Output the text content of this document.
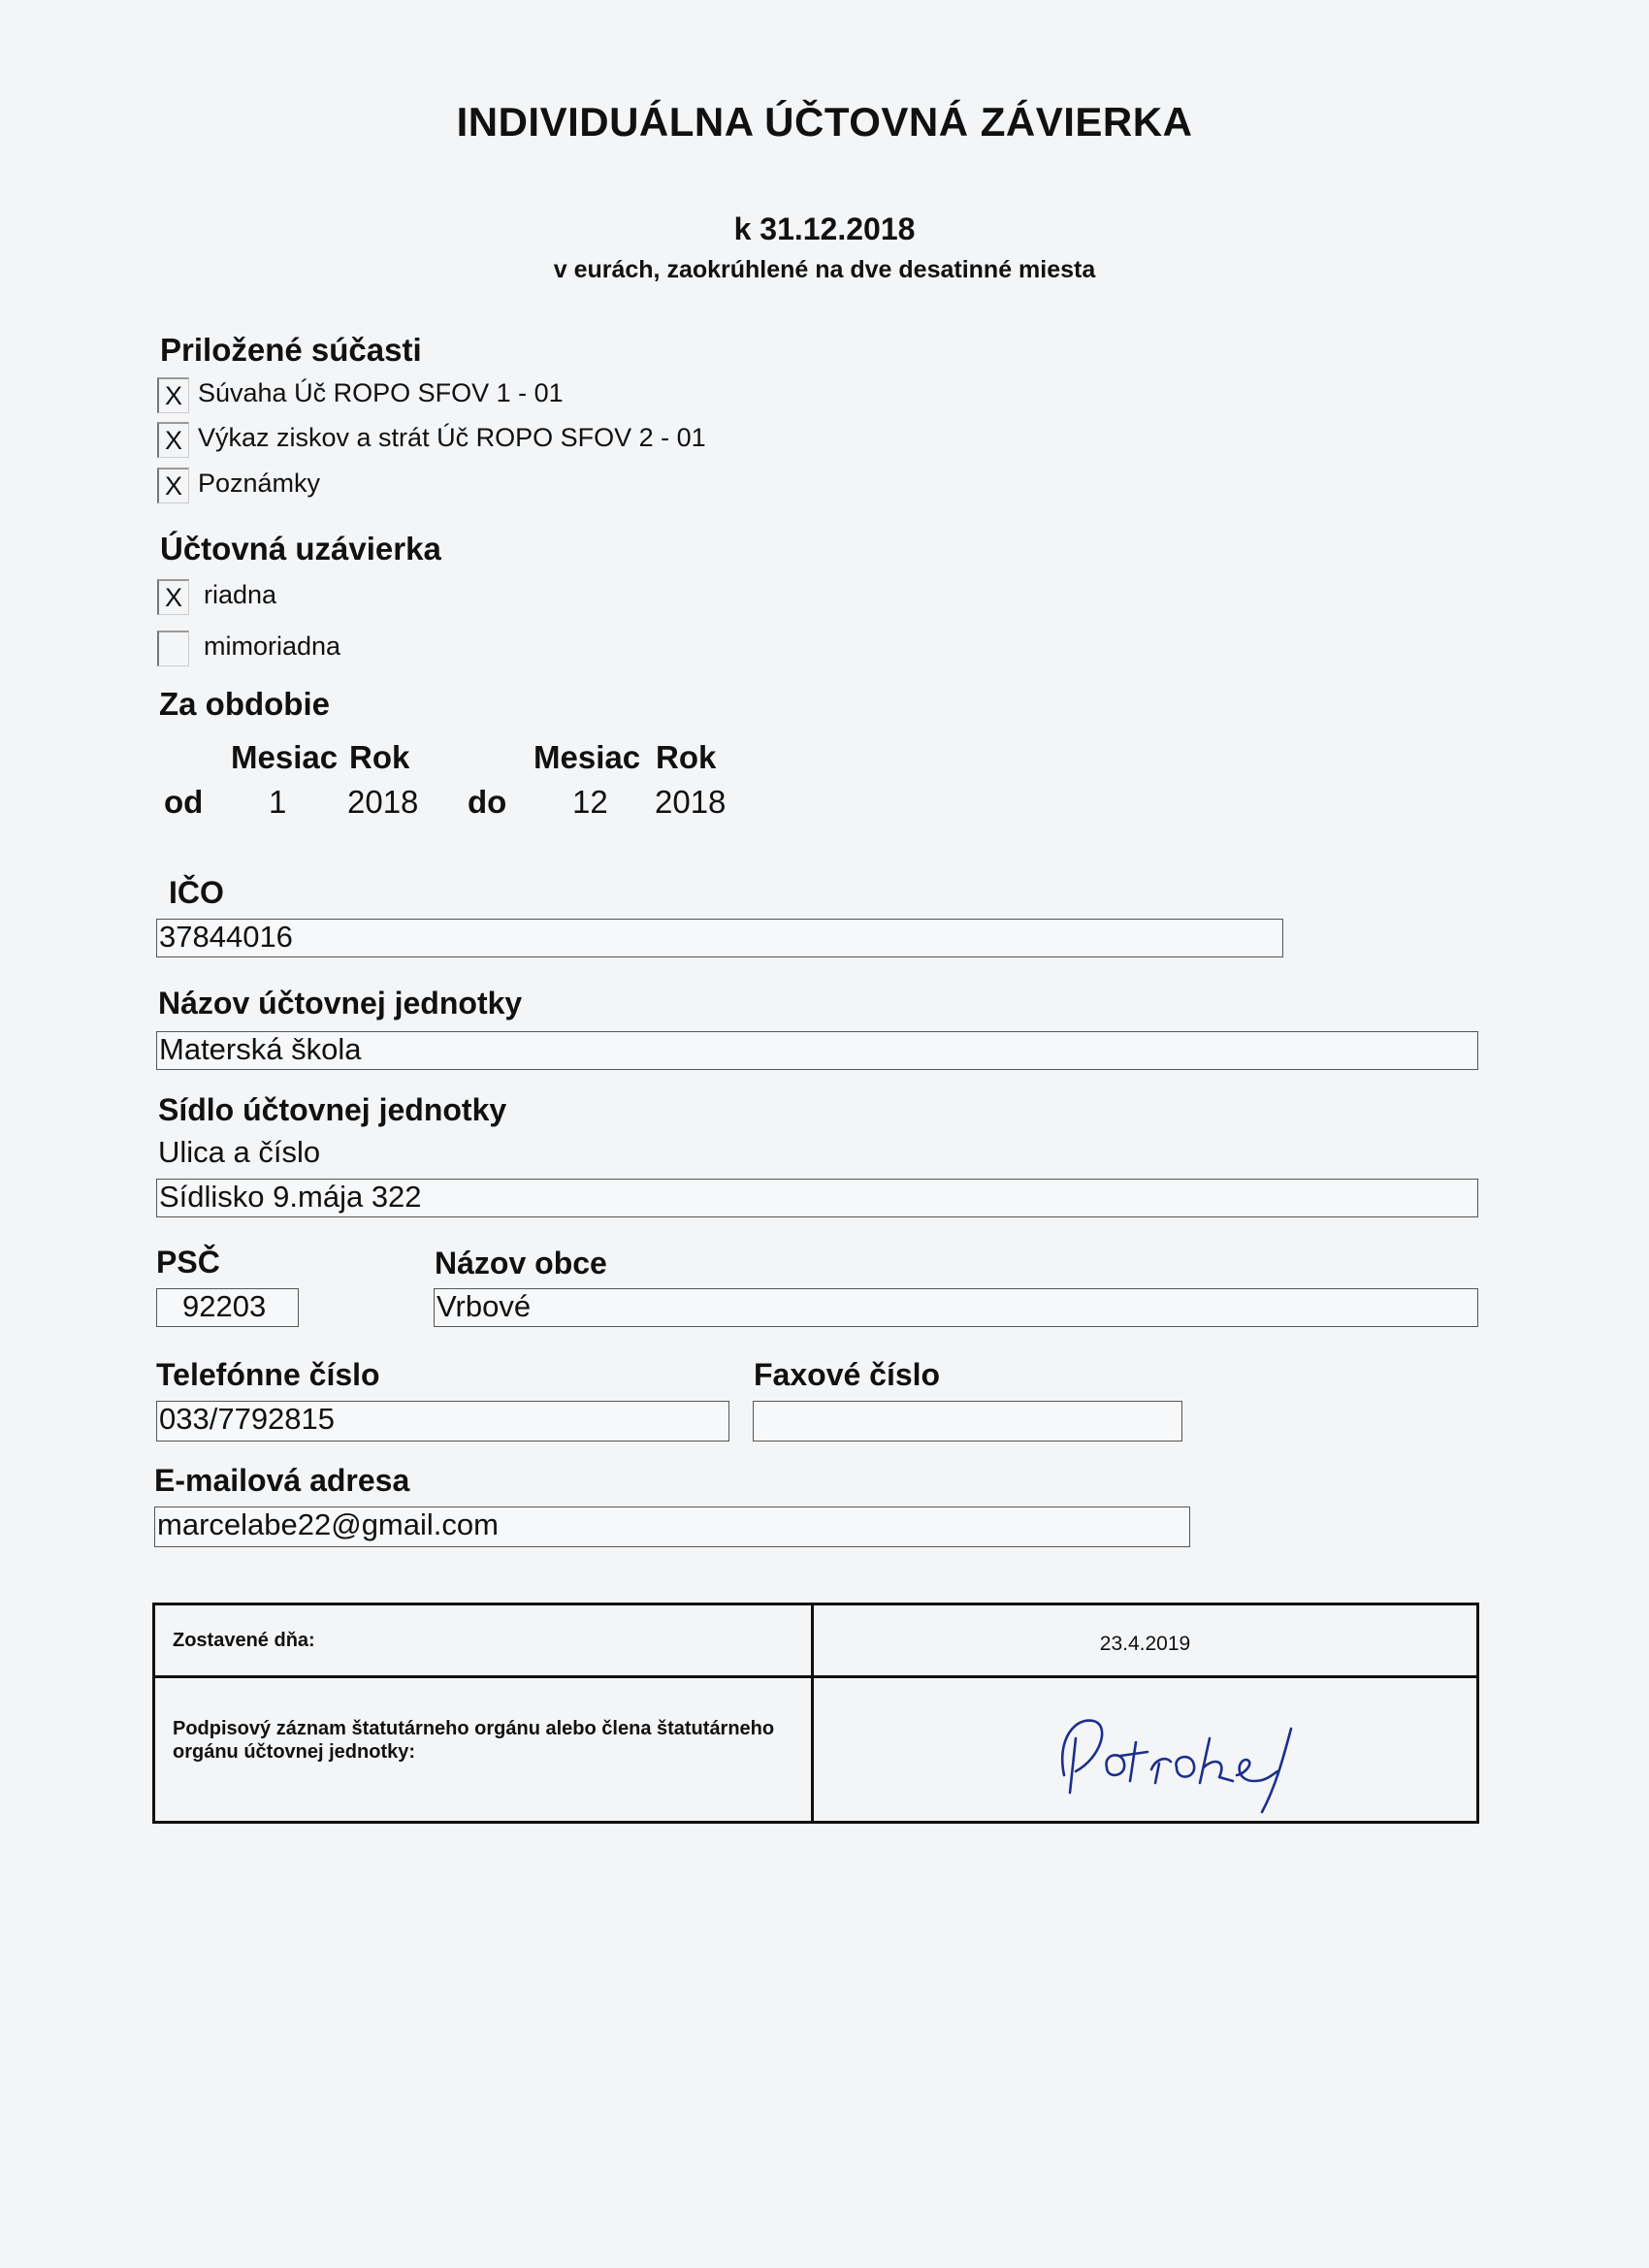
INDIVIDUÁLNA ÚČTOVNÁ ZÁVIERKA
k 31.12.2018
v eurách, zaokrúhlené na dve desatinné miesta
Priložené súčasti
X Súvaha Úč ROPO SFOV 1 - 01
X Výkaz ziskov a strát Úč ROPO SFOV 2 - 01
X Poznámky
Účtovná uzávierka
X riadna
mimoriadna
Za obdobie
Mesiac Rok	Mesiac Rok
od 1 2018 do 12 2018
IČO
37844016
Názov účtovnej jednotky
Materská škola
Sídlo účtovnej jednotky
Ulica a číslo
Sídlisko 9.mája 322
PSČ
92203
Názov obce
Vrbové
Telefónne číslo
033/7792815
Faxové číslo
E-mailová adresa
marcelabe22@gmail.com
Zostavené dňa:	23.4.2019
Podpisový záznam štatutárneho orgánu alebo člena štatutárneho orgánu účtovnej jednotky:	
